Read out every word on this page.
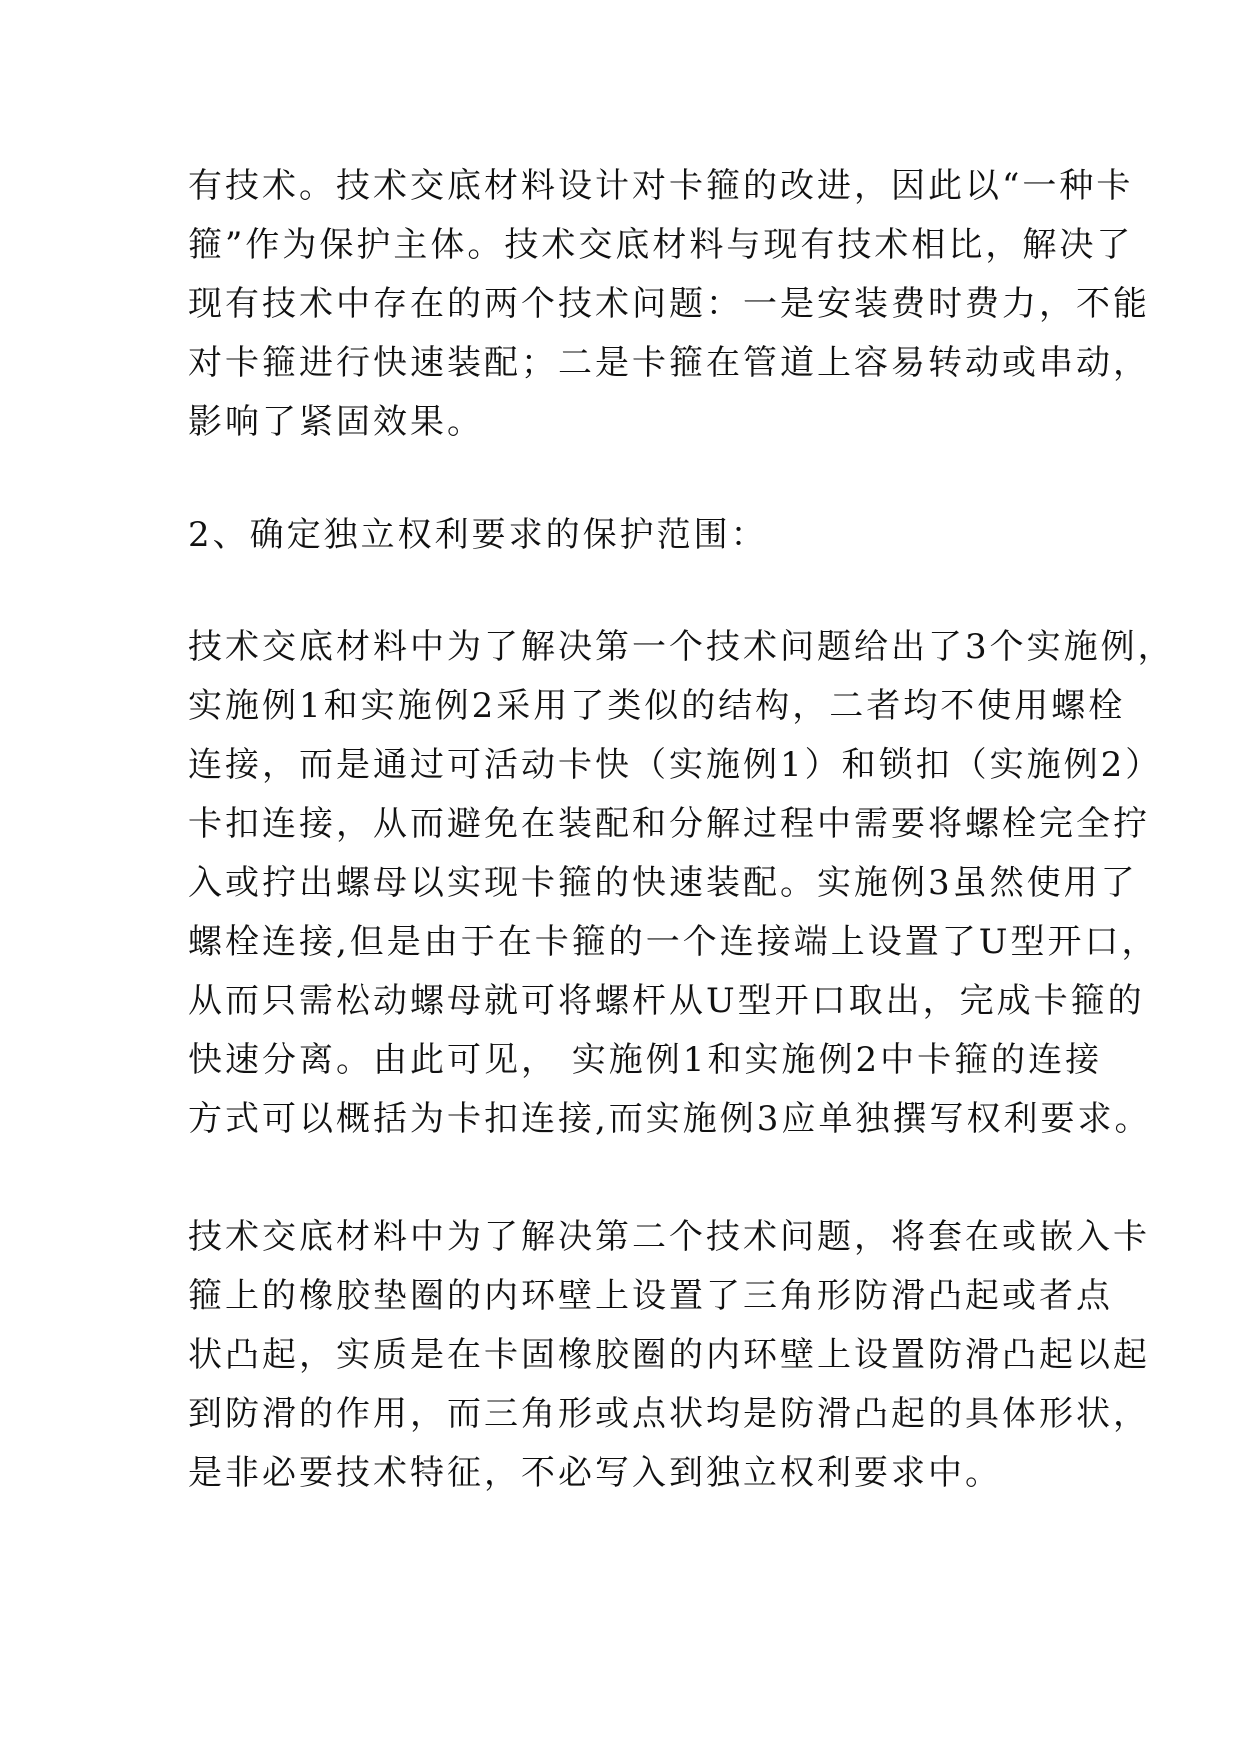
有技术。技术交底材料设计对卡箍的改进，因此以“一种卡
箍”作为保护主体。技术交底材料与现有技术相比，解决了
现有技术中存在的两个技术问题：一是安装费时费力，不能
对卡箍进行快速装配；二是卡箍在管道上容易转动或串动，
影响了紧固效果。
2、确定独立权利要求的保护范围：
技术交底材料中为了解决第一个技术问题给出了3个实施例，
实施例1和实施例2采用了类似的结构，二者均不使用螺栓
连接，而是通过可活动卡快（实施例1）和锁扣（实施例2）
卡扣连接，从而避免在装配和分解过程中需要将螺栓完全拧
入或拧出螺母以实现卡箍的快速装配。实施例3虽然使用了
螺栓连接,但是由于在卡箍的一个连接端上设置了U型开口，
从而只需松动螺母就可将螺杆从U型开口取出，完成卡箍的
快速分离。由此可见， 实施例1和实施例2中卡箍的连接
方式可以概括为卡扣连接,而实施例3应单独撰写权利要求。
技术交底材料中为了解决第二个技术问题，将套在或嵌入卡
箍上的橡胶垫圈的内环壁上设置了三角形防滑凸起或者点
状凸起，实质是在卡固橡胶圈的内环壁上设置防滑凸起以起
到防滑的作用，而三角形或点状均是防滑凸起的具体形状，
是非必要技术特征，不必写入到独立权利要求中。
